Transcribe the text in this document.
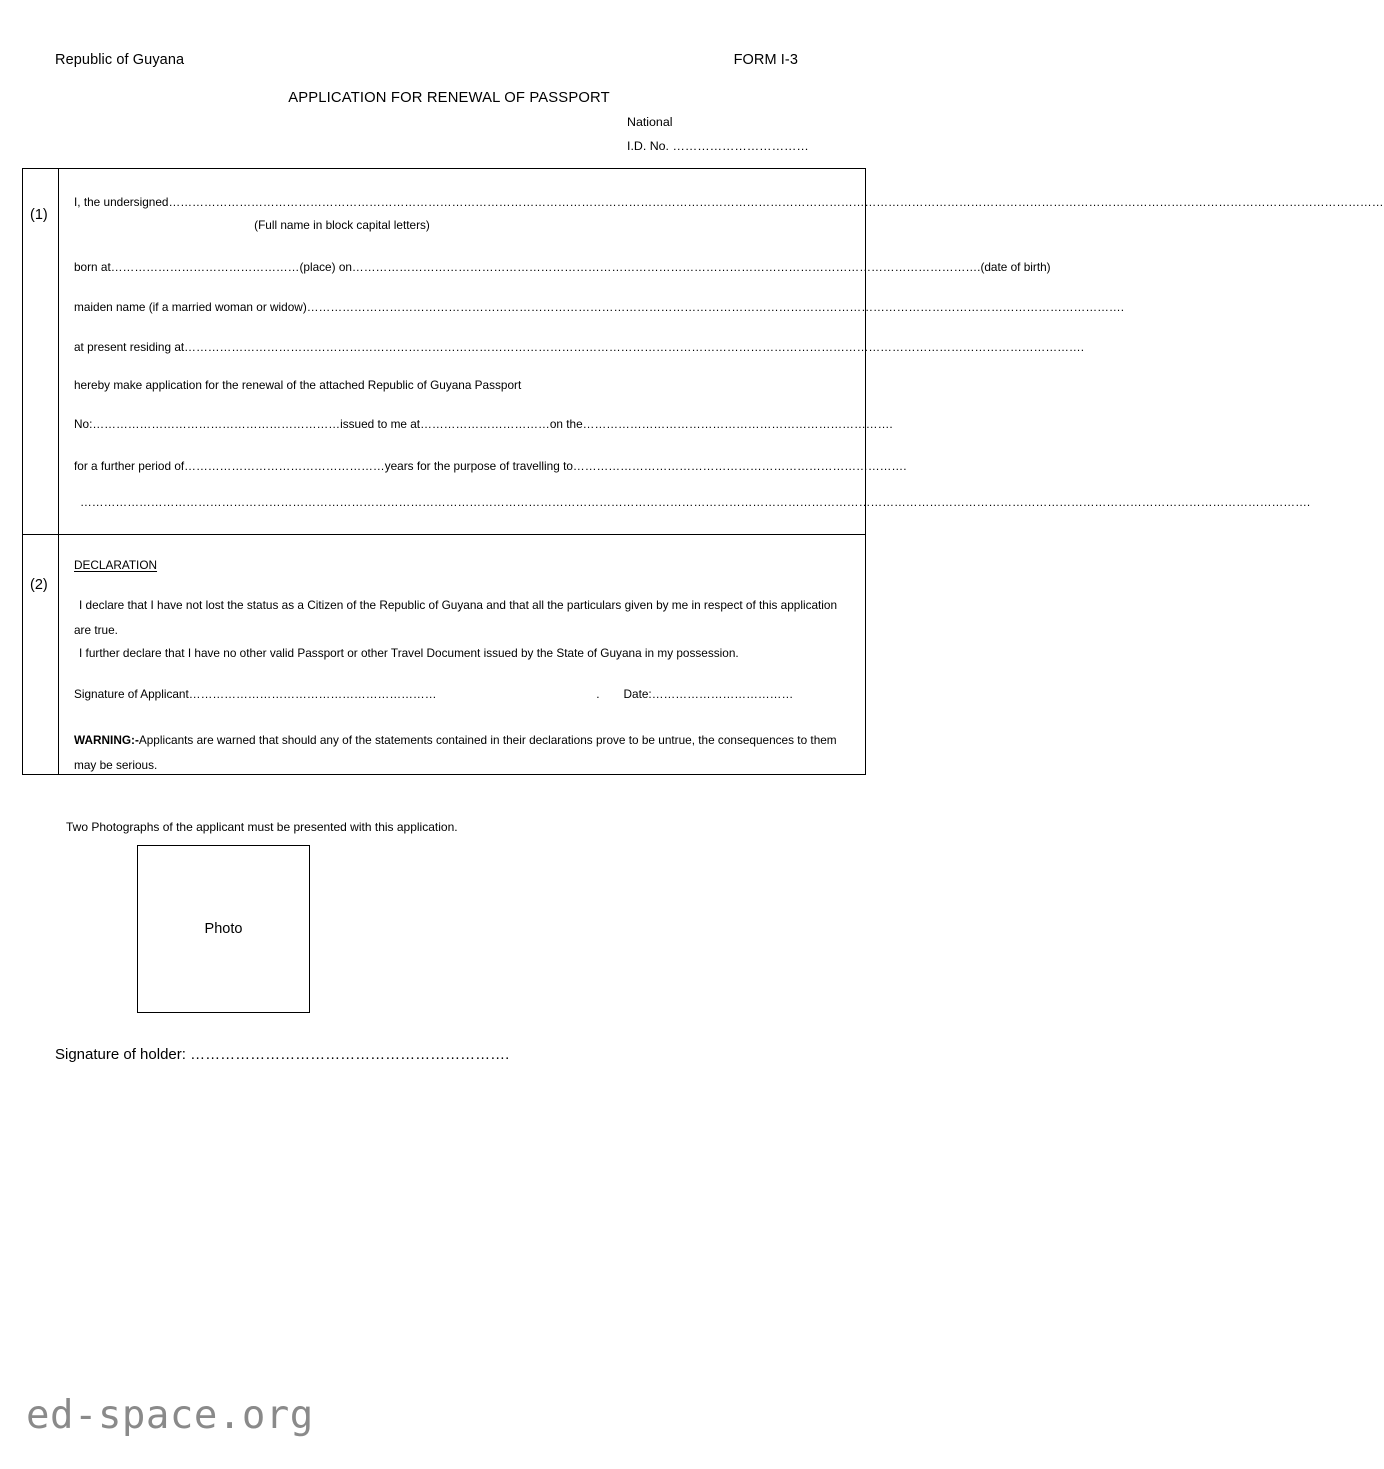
Republic of Guyana	FORM I-3
APPLICATION FOR RENEWAL OF PASSPORT
National
I.D. No. ……………………………
(1)
I, the undersigned…………………………………………………………………………………………………………………………………………………………………………………………………………………………………………………………………………………
(Full name in block capital letters)
born at…………………………………………(place) on…………………………………………………………………………………………………………………………………………….(date of birth)
maiden name (if a married woman or widow)……………………………………………………………………………………………………………………………………………………………………………………….
at present residing at………………………………………………………………………………………………………………………………………………………………………………………………………….
hereby make application for the renewal of the attached Republic of Guyana Passport
No:………………………………………………………issued to me at……………………………on the…………………………………………………………………….
for a further period of……………………………………………years for the purpose of travelling to………………………………………………………………………….
…………………………………………………………………………………………………………………………………………………………………………………………………………………………………………………………………………………….
(2)
DECLARATION
I declare that I have not lost the status as a Citizen of the Republic of Guyana and that all the particulars given by me in respect of this application are true.
I further declare that I have no other valid Passport or other Travel Document issued by the State of Guyana in my possession.
Signature of Applicant………………………………………………………	. Date:………………………………
WARNING:-Applicants are warned that should any of the statements contained in their declarations prove to be untrue, the consequences to them may be serious.
Two Photographs of the applicant must be presented with this application.
Photo
Signature of holder: ……………………………………………………….
ed-space.org
